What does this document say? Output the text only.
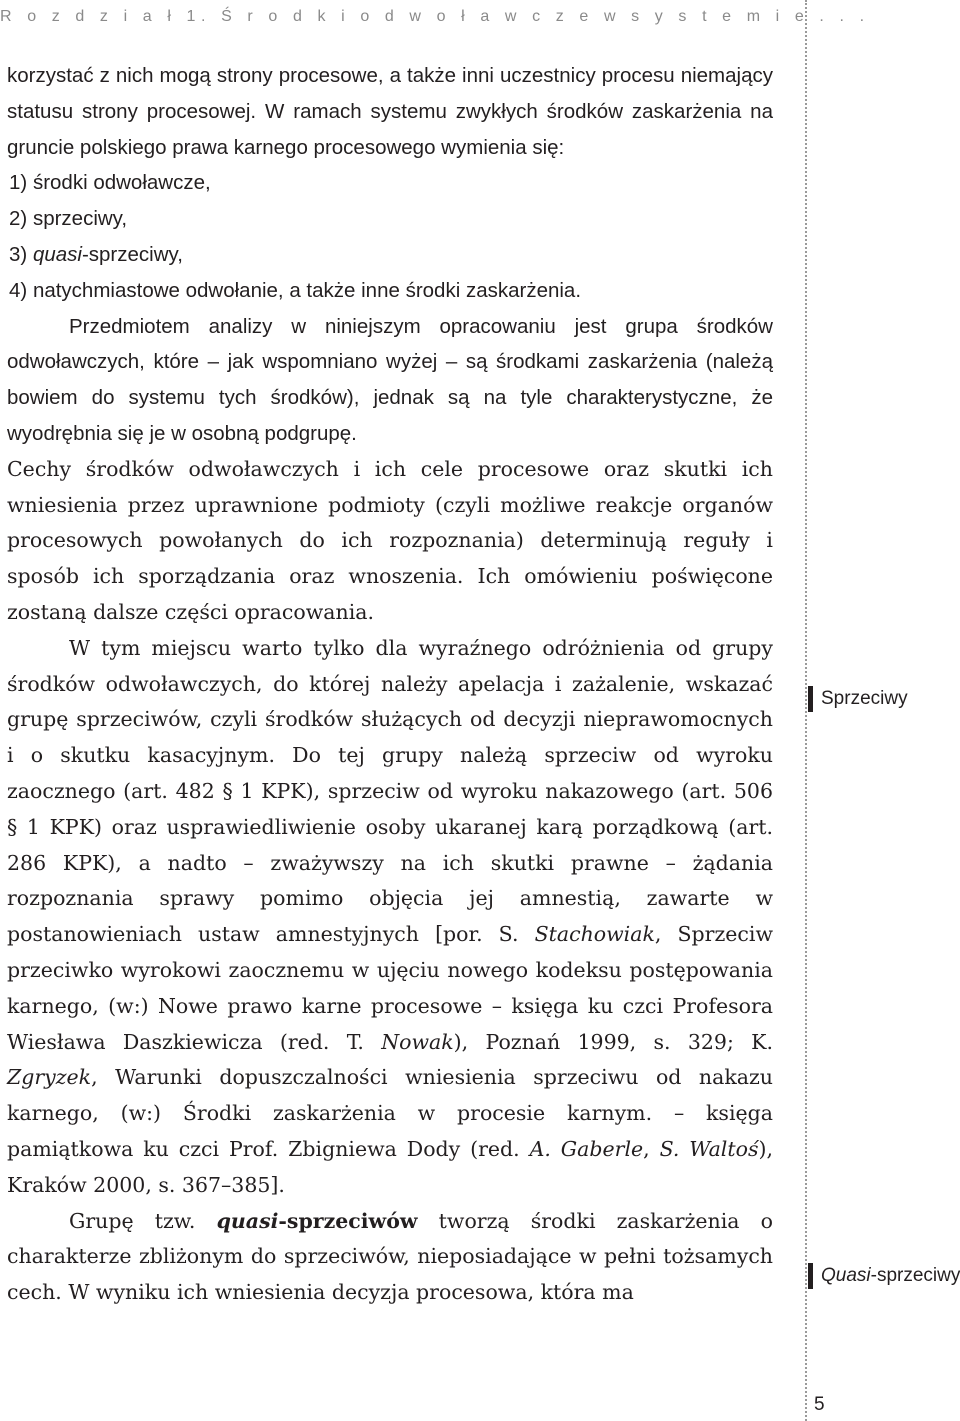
R o z d z i a ł 1. Ś r o d k i o d w o ł a w c z e w s y s t e m i e . . .

korzystać z nich mogą strony procesowe, a także inni uczestnicy procesu niemający statusu strony procesowej. W ramach systemu zwykłych środków zaskarżenia na gruncie polskiego prawa karnego procesowego wymienia się:

1) środki odwoławcze,
2) sprzeciwy,
3) quasi-sprzeciwy,
4) natychmiastowe odwołanie, a także inne środki zaskarżenia.

Przedmiotem analizy w niniejszym opracowaniu jest grupa środków odwoławczych, które – jak wspomniano wyżej – są środkami zaskarżenia (należą bowiem do systemu tych środków), jednak są na tyle charakterystyczne, że wyodrębnia się je w osobną podgrupę.

Cechy środków odwoławczych i ich cele procesowe oraz skutki ich wniesienia przez uprawnione podmioty (czyli możliwe reakcje organów procesowych powołanych do ich rozpoznania) determinują reguły i sposób ich sporządzania oraz wnoszenia. Ich omówieniu poświęcone zostaną dalsze części opracowania.

W tym miejscu warto tylko dla wyraźnego odróżnienia od grupy środków odwoławczych, do której należy apelacja i zażalenie, wskazać grupę sprzeciwów, czyli środków służących od decyzji nieprawomocnych i o skutku kasacyjnym. Do tej grupy należą sprzeciw od wyroku zaocznego (art. 482 § 1 KPK), sprzeciw od wyroku nakazowego (art. 506 § 1 KPK) oraz usprawiedliwienie osoby ukaranej karą porządkową (art. 286 KPK), a nadto – zważywszy na ich skutki prawne – żądania rozpoznania sprawy pomimo objęcia jej amnestią, zawarte w postanowieniach ustaw amnestyjnych [por. S. Stachowiak, Sprzeciw przeciwko wyrokowi zaocznemu w ujęciu nowego kodeksu postępowania karnego, (w:) Nowe prawo karne procesowe – księga ku czci Profesora Wiesława Daszkiewicza (red. T. Nowak), Poznań 1999, s. 329; K. Zgryzek, Warunki dopuszczalności wniesienia sprzeciwu od nakazu karnego, (w:) Środki zaskarżenia w procesie karnym. – księga pamiątkowa ku czci Prof. Zbigniewa Dody (red. A. Gaberle, S. Waltoś), Kraków 2000, s. 367–385].

Grupę tzw. quasi-sprzeciwów tworzą środki zaskarżenia o charakterze zbliżonym do sprzeciwów, nieposiadające w pełni tożsamych cech. W wyniku ich wniesienia decyzja procesowa, która ma

Sprzeciwy
Quasi-sprzeciwy
5
